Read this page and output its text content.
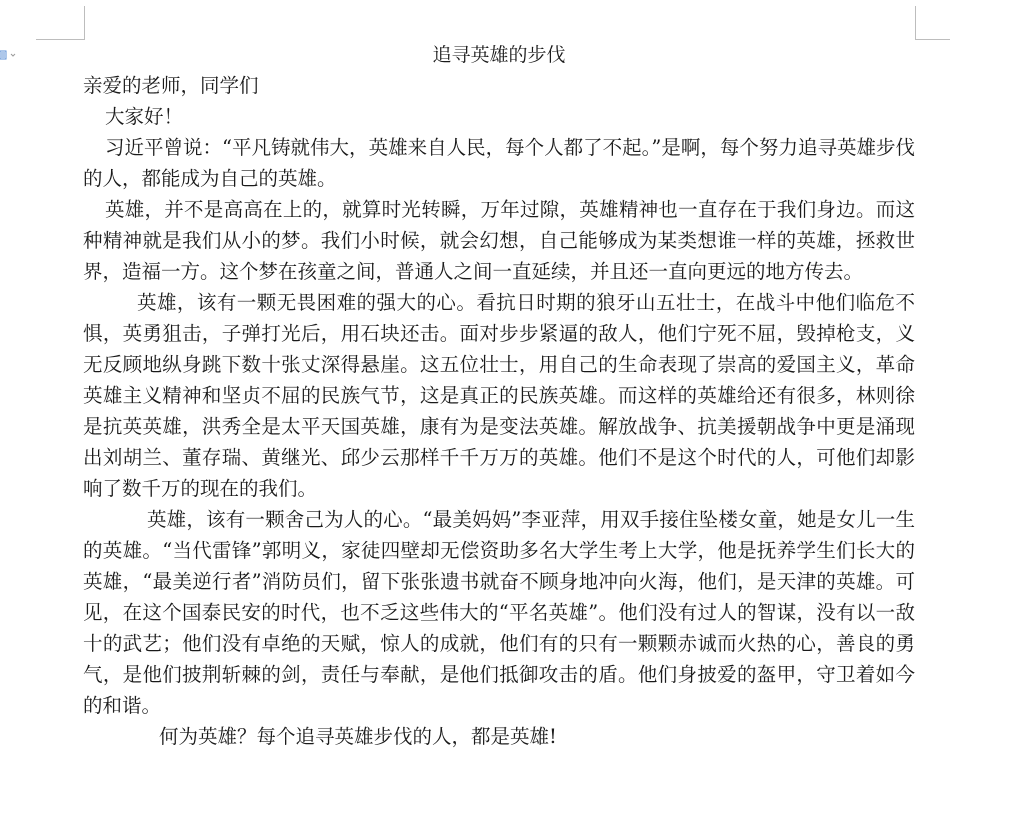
追寻英雄的步伐

亲爱的老师，同学们

大家好！

习近平曾说：“平凡铸就伟大，英雄来自人民，每个人都了不起。”是啊，每个努力追寻英雄步伐的人，都能成为自己的英雄。

英雄，并不是高高在上的，就算时光转瞬，万年过隙，英雄精神也一直存在于我们身边。而这种精神就是我们从小的梦。我们小时候，就会幻想，自己能够成为某类想谁一样的英雄，拯救世界，造福一方。这个梦在孩童之间，普通人之间一直延续，并且还一直向更远的地方传去。

英雄，该有一颗无畏困难的强大的心。看抗日时期的狼牙山五壮士，在战斗中他们临危不惧，英勇狙击，子弹打光后，用石块还击。面对步步紧逼的敌人，他们宁死不屈，毁掉枪支，义无反顾地纵身跳下数十张丈深得悬崖。这五位壮士，用自己的生命表现了崇高的爱国主义，革命英雄主义精神和坚贞不屈的民族气节，这是真正的民族英雄。而这样的英雄给还有很多，林则徐是抗英英雄，洪秀全是太平天国英雄，康有为是变法英雄。解放战争、抗美援朝战争中更是涌现出刘胡兰、董存瑞、黄继光、邱少云那样千千万万的英雄。他们不是这个时代的人，可他们却影响了数千万的现在的我们。

英雄，该有一颗舍己为人的心。“最美妈妈”李亚萍，用双手接住坠楼女童，她是女儿一生的英雄。“当代雷锋”郭明义，家徒四壁却无偿资助多名大学生考上大学，他是抚养学生们长大的英雄，“最美逆行者”消防员们，留下张张遗书就奋不顾身地冲向火海，他们，是天津的英雄。可见，在这个国泰民安的时代，也不乏这些伟大的“平名英雄”。他们没有过人的智谋，没有以一敌十的武艺；他们没有卓绝的天赋，惊人的成就，他们有的只有一颗颗赤诚而火热的心，善良的勇气，是他们披荆斩棘的剑，责任与奉献，是他们抵御攻击的盾。他们身披爱的盔甲，守卫着如今的和谐。

何为英雄？每个追寻英雄步伐的人，都是英雄!
